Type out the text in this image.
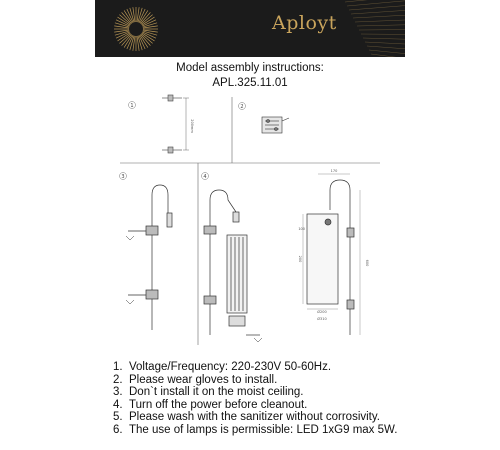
Aployt
Model assembly instructions:
APL.325.11.01
1	2
3	4
200mm
170
600
200
Ø200
100
Ø310
1. Voltage/Frequency: 220-230V 50-60Hz.
2. Please wear gloves to install.
3. Don`t install it on the moist ceiling.
4. Turn off the power before cleanout.
5. Please wash with the sanitizer without corrosivity.
6. The use of lamps is permissible: LED 1xG9 max 5W.
